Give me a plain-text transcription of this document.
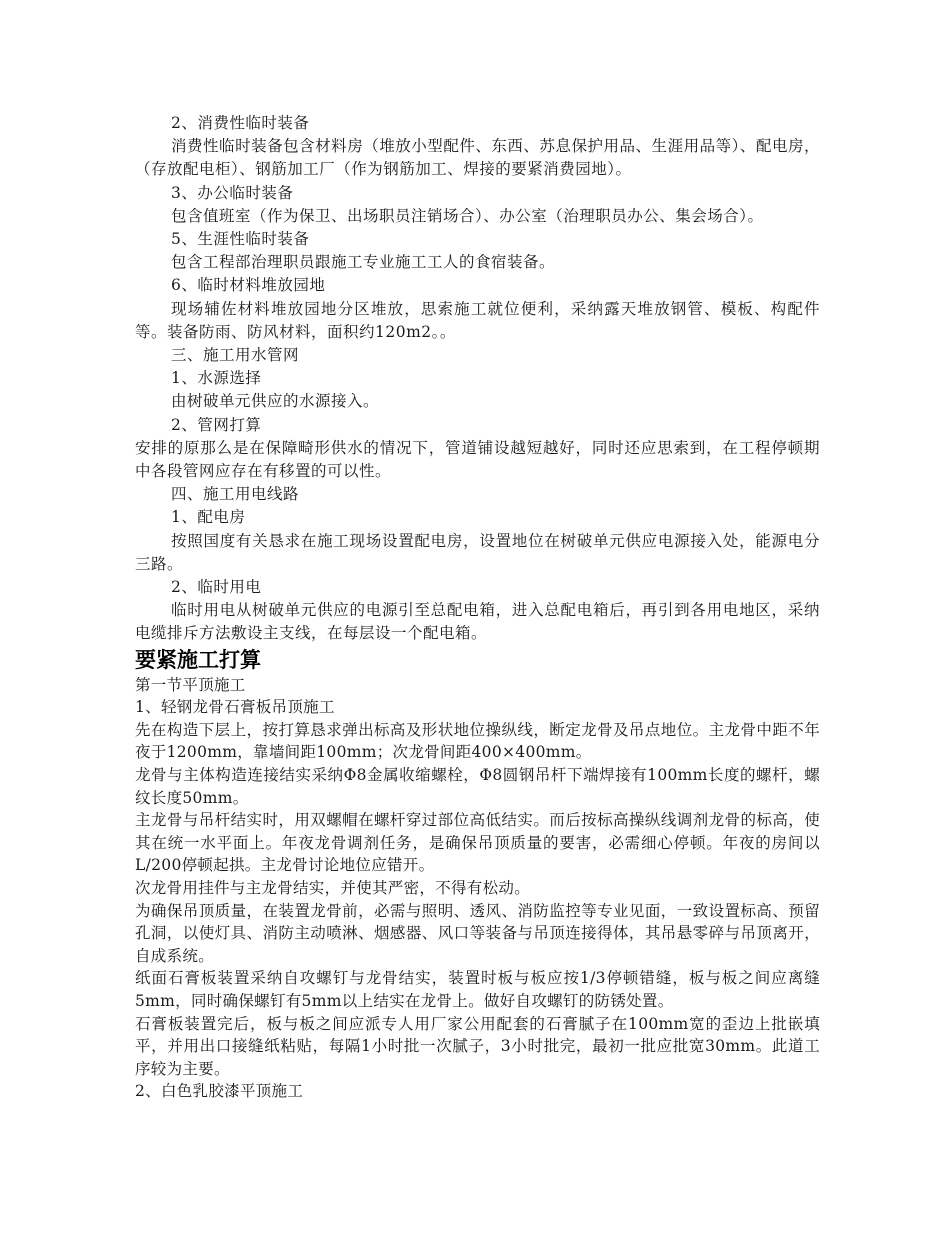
2、消费性临时装备

消费性临时装备包含材料房（堆放小型配件、东西、苏息保护用品、生涯用品等）、配电房，（存放配电柜）、钢筋加工厂（作为钢筋加工、焊接的要紧消费园地）。

3、办公临时装备

包含值班室（作为保卫、出场职员注销场合）、办公室（治理职员办公、集会场合）。

5、生涯性临时装备

包含工程部治理职员跟施工专业施工工人的食宿装备。

6、临时材料堆放园地

现场辅佐材料堆放园地分区堆放，思索施工就位便利，采纳露天堆放钢管、模板、构配件等。装备防雨、防风材料，面积约120m2。。

三、施工用水管网

1、水源选择

由树破单元供应的水源接入。

2、管网打算

安排的原那么是在保障畸形供水的情况下，管道铺设越短越好，同时还应思索到，在工程停顿期中各段管网应存在有移置的可以性。

四、施工用电线路

1、配电房

按照国度有关恳求在施工现场设置配电房，设置地位在树破单元供应电源接入处，能源电分三路。

2、临时用电

临时用电从树破单元供应的电源引至总配电箱，进入总配电箱后，再引到各用电地区，采纳电缆排斥方法敷设主支线，在每层设一个配电箱。

要紧施工打算

第一节平顶施工

1、轻钢龙骨石膏板吊顶施工

先在构造下层上，按打算恳求弹出标高及形状地位操纵线，断定龙骨及吊点地位。主龙骨中距不年夜于1200mm，靠墙间距100mm；次龙骨间距400×400mm。

龙骨与主体构造连接结实采纳Φ8金属收缩螺栓，Φ8圆钢吊杆下端焊接有100mm长度的螺杆，螺纹长度50mm。

主龙骨与吊杆结实时，用双螺帽在螺杆穿过部位高低结实。而后按标高操纵线调剂龙骨的标高，使其在统一水平面上。年夜龙骨调剂任务，是确保吊顶质量的要害，必需细心停顿。年夜的房间以L/200停顿起拱。主龙骨讨论地位应错开。

次龙骨用挂件与主龙骨结实，并使其严密，不得有松动。

为确保吊顶质量，在装置龙骨前，必需与照明、透风、消防监控等专业见面，一致设置标高、预留孔洞，以使灯具、消防主动喷淋、烟感器、风口等装备与吊顶连接得体，其吊悬零碎与吊顶离开，自成系统。

纸面石膏板装置采纳自攻螺钉与龙骨结实，装置时板与板应按1/3停顿错缝，板与板之间应离缝5mm，同时确保螺钉有5mm以上结实在龙骨上。做好自攻螺钉的防锈处置。

石膏板装置完后，板与板之间应派专人用厂家公用配套的石膏腻子在100mm宽的歪边上批嵌填平，并用出口接缝纸粘贴，每隔1小时批一次腻子，3小时批完，最初一批应批宽30mm。此道工序较为主要。

2、白色乳胶漆平顶施工
